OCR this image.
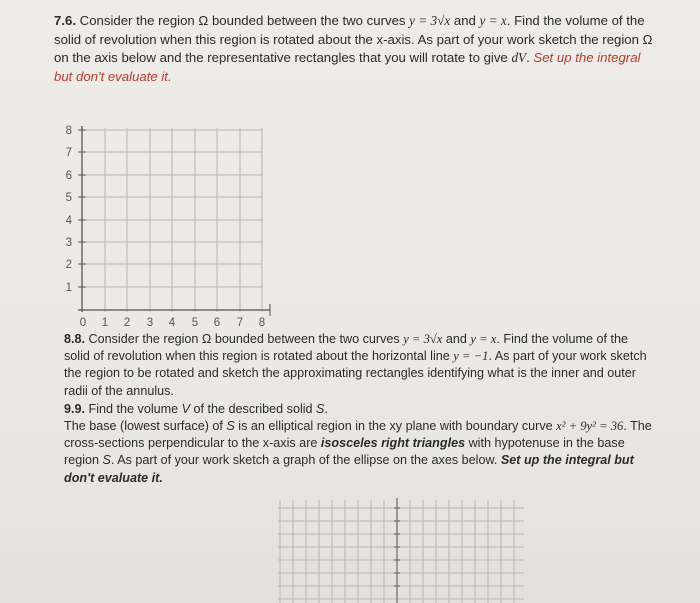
7.6. Consider the region Ω bounded between the two curves y = 3√x and y = x. Find the volume of the solid of revolution when this region is rotated about the x-axis. As part of your work sketch the region Ω on the axis below and the representative rectangles that you will rotate to give dV. Set up the integral but don't evaluate it.
8
7
6
5
4
3
2
1
0 1 2 3 4 5 6 7 8
8.8. Consider the region Ω bounded between the two curves y = 3√x and y = x. Find the volume of the solid of revolution when this region is rotated about the horizontal line y = −1. As part of your work sketch the region to be rotated and sketch the approximating rectangles identifying what is the inner and outer radii of the annulus.
9.9. Find the volume V of the described solid S.
The base (lowest surface) of S is an elliptical region in the xy plane with boundary curve x² + 9y² = 36. The cross-sections perpendicular to the x-axis are isosceles right triangles with hypotenuse in the base region S. As part of your work sketch a graph of the ellipse on the axes below. Set up the integral but don't evaluate it.
